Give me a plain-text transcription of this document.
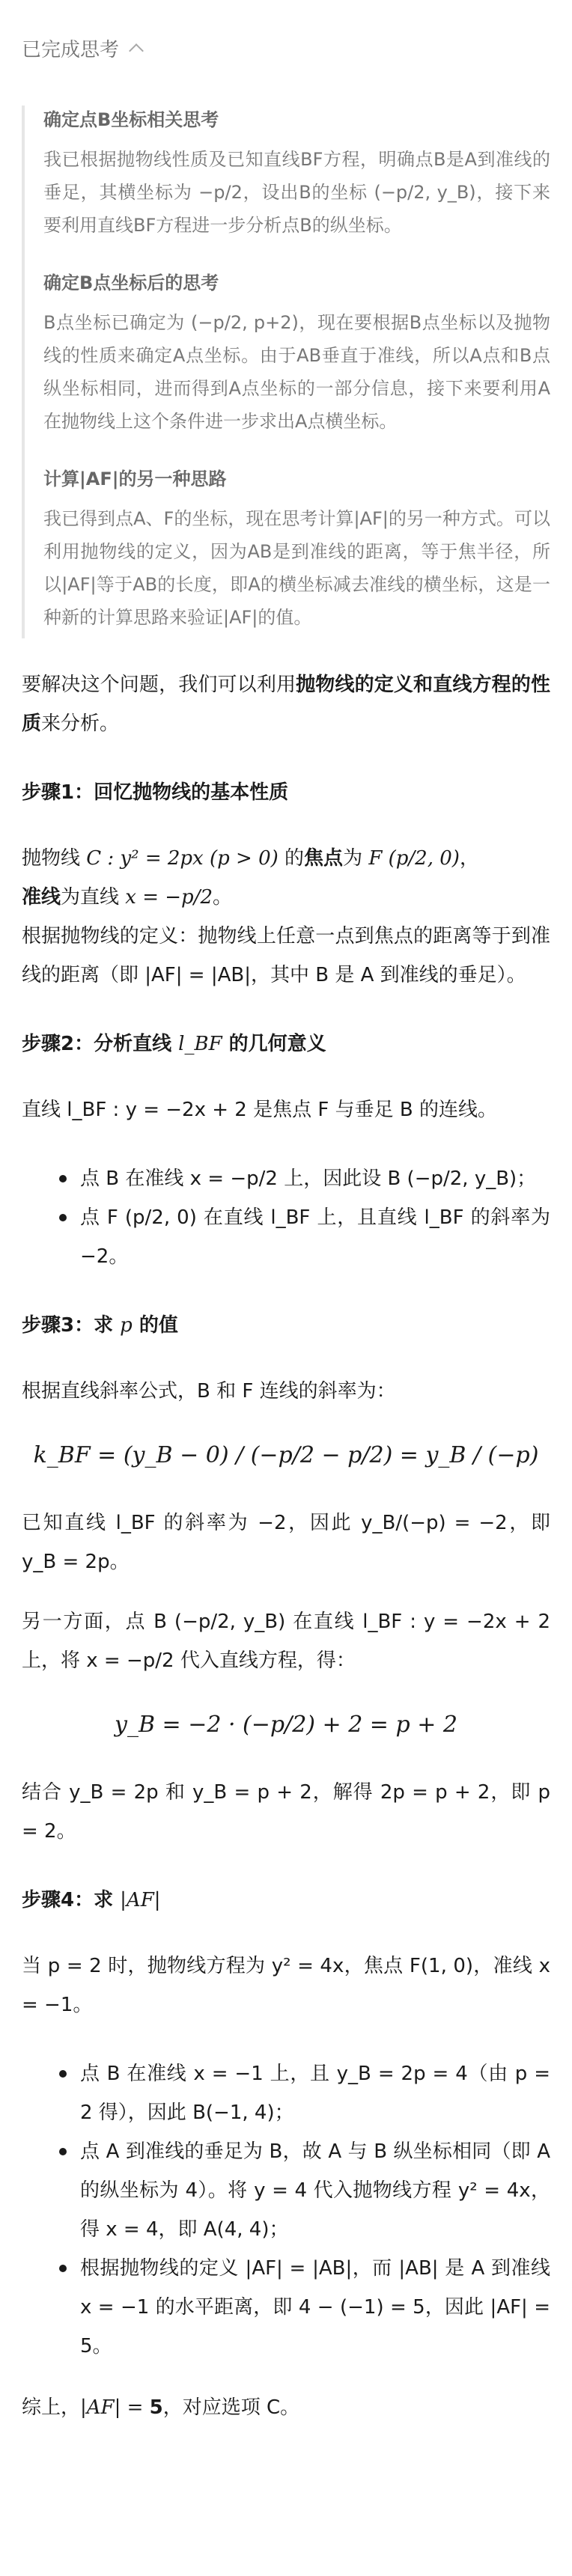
已完成思考
确定点B坐标相关思考
我已根据抛物线性质及已知直线BF方程，明确点B是A到准线的垂足，其横坐标为 −p/2，设出B的坐标 (−p/2, y_B)，接下来要利用直线BF方程进一步分析点B的纵坐标。
确定B点坐标后的思考
B点坐标已确定为 (−p/2, p+2)，现在要根据B点坐标以及抛物线的性质来确定A点坐标。由于AB垂直于准线，所以A点和B点纵坐标相同，进而得到A点坐标的一部分信息，接下来要利用A在抛物线上这个条件进一步求出A点横坐标。
计算|AF|的另一种思路
我已得到点A、F的坐标，现在思考计算|AF|的另一种方式。可以利用抛物线的定义，因为AB是到准线的距离，等于焦半径，所以|AF|等于AB的长度，即A的横坐标减去准线的横坐标，这是一种新的计算思路来验证|AF|的值。

要解决这个问题，我们可以利用抛物线的定义和直线方程的性质来分析。

步骤1：回忆抛物线的基本性质

抛物线 C : y² = 2px (p > 0) 的焦点为 F (p/2, 0)，
准线为直线 x = −p/2。

根据抛物线的定义：抛物线上任意一点到焦点的距离等于到准线的距离（即 |AF| = |AB|，其中 B 是 A 到准线的垂足）。

步骤2：分析直线 l_BF 的几何意义

直线 l_BF : y = −2x + 2 是焦点 F 与垂足 B 的连线。

点 B 在准线 x = −p/2 上，因此设 B (−p/2, y_B)；
点 F (p/2, 0) 在直线 l_BF 上，且直线 l_BF 的斜率为 −2。
步骤3：求 p 的值

根据直线斜率公式，B 和 F 连线的斜率为：

k_BF = (y_B − 0) / (−p/2 − p/2) = y_B / (−p)

已知直线 l_BF 的斜率为 −2，因此 y_B/(−p) = −2，即 y_B = 2p。

另一方面，点 B (−p/2, y_B) 在直线 l_BF : y = −2x + 2 上，将 x = −p/2 代入直线方程，得：

y_B = −2 · (−p/2) + 2 = p + 2

结合 y_B = 2p 和 y_B = p + 2，解得 2p = p + 2，即 p = 2。

步骤4：求 |AF|

当 p = 2 时，抛物线方程为 y² = 4x，焦点 F(1, 0)，准线 x = −1。

点 B 在准线 x = −1 上，且 y_B = 2p = 4（由 p = 2 得），因此 B(−1, 4)；
点 A 到准线的垂足为 B，故 A 与 B 纵坐标相同（即 A 的纵坐标为 4）。将 y = 4 代入抛物线方程 y² = 4x，得 x = 4，即 A(4, 4)；
根据抛物线的定义 |AF| = |AB|，而 |AB| 是 A 到准线 x = −1 的水平距离，即 4 − (−1) = 5，因此 |AF| = 5。

综上，|AF| = 5，对应选项 C。
